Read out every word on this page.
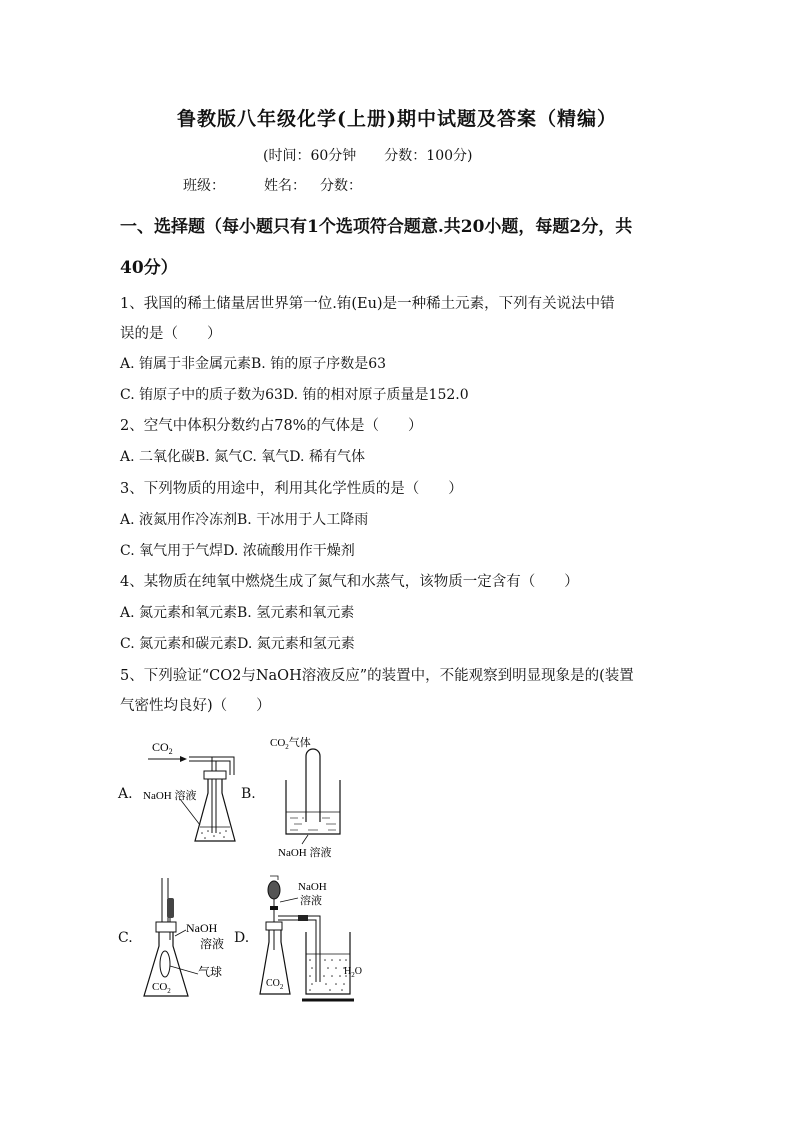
鲁教版八年级化学(上册)期中试题及答案（精编）
(时间：60分钟 分数：100分)
班级：	姓名： 分数：
一、选择题（每小题只有1个选项符合题意.共20小题，每题2分，共
40分）
1、我国的稀土储量居世界第一位.铕(Eu)是一种稀土元素，下列有关说法中错
误的是（　　）
A. 铕属于非金属元素B. 铕的原子序数是63
C. 铕原子中的质子数为63D. 铕的相对原子质量是152.0
2、空气中体积分数约占78%的气体是（　　）
A. 二氧化碳B. 氮气C. 氧气D. 稀有气体
3、下列物质的用途中，利用其化学性质的是（　　）
A. 液氮用作冷冻剂B. 干冰用于人工降雨
C. 氧气用于气焊D. 浓硫酸用作干燥剂
4、某物质在纯氧中燃烧生成了氮气和水蒸气，该物质一定含有（　　）
A. 氮元素和氧元素B. 氢元素和氧元素
C. 氮元素和碳元素D. 氮元素和氢元素
5、下列验证“CO2与NaOH溶液反应”的装置中，不能观察到明显现象是的(装置
气密性均良好)（　　）
A.	B.
C.	D.
$CO_2$
NaOH 溶液
$CO_2$气体
NaOH 溶液
NaOH
溶液
气球
$CO_2$
NaOH
溶液
$CO_2$
$H_2O$
